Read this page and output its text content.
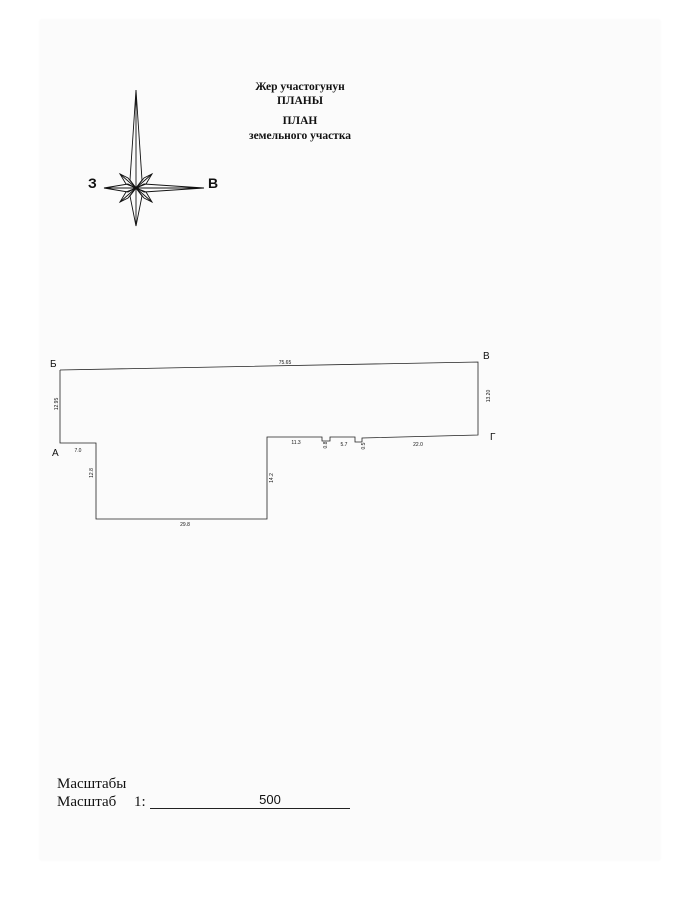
Жер участогунун
ПЛАНЫ
ПЛАН
земельного участка
З	В
Б
В
А
Г
75.65
12.95
13.20
7.0
12.8
29.8
14.2
11.3	0.8 5.7	0.5	22.0
Масштабы
Масштаб 1:	500
